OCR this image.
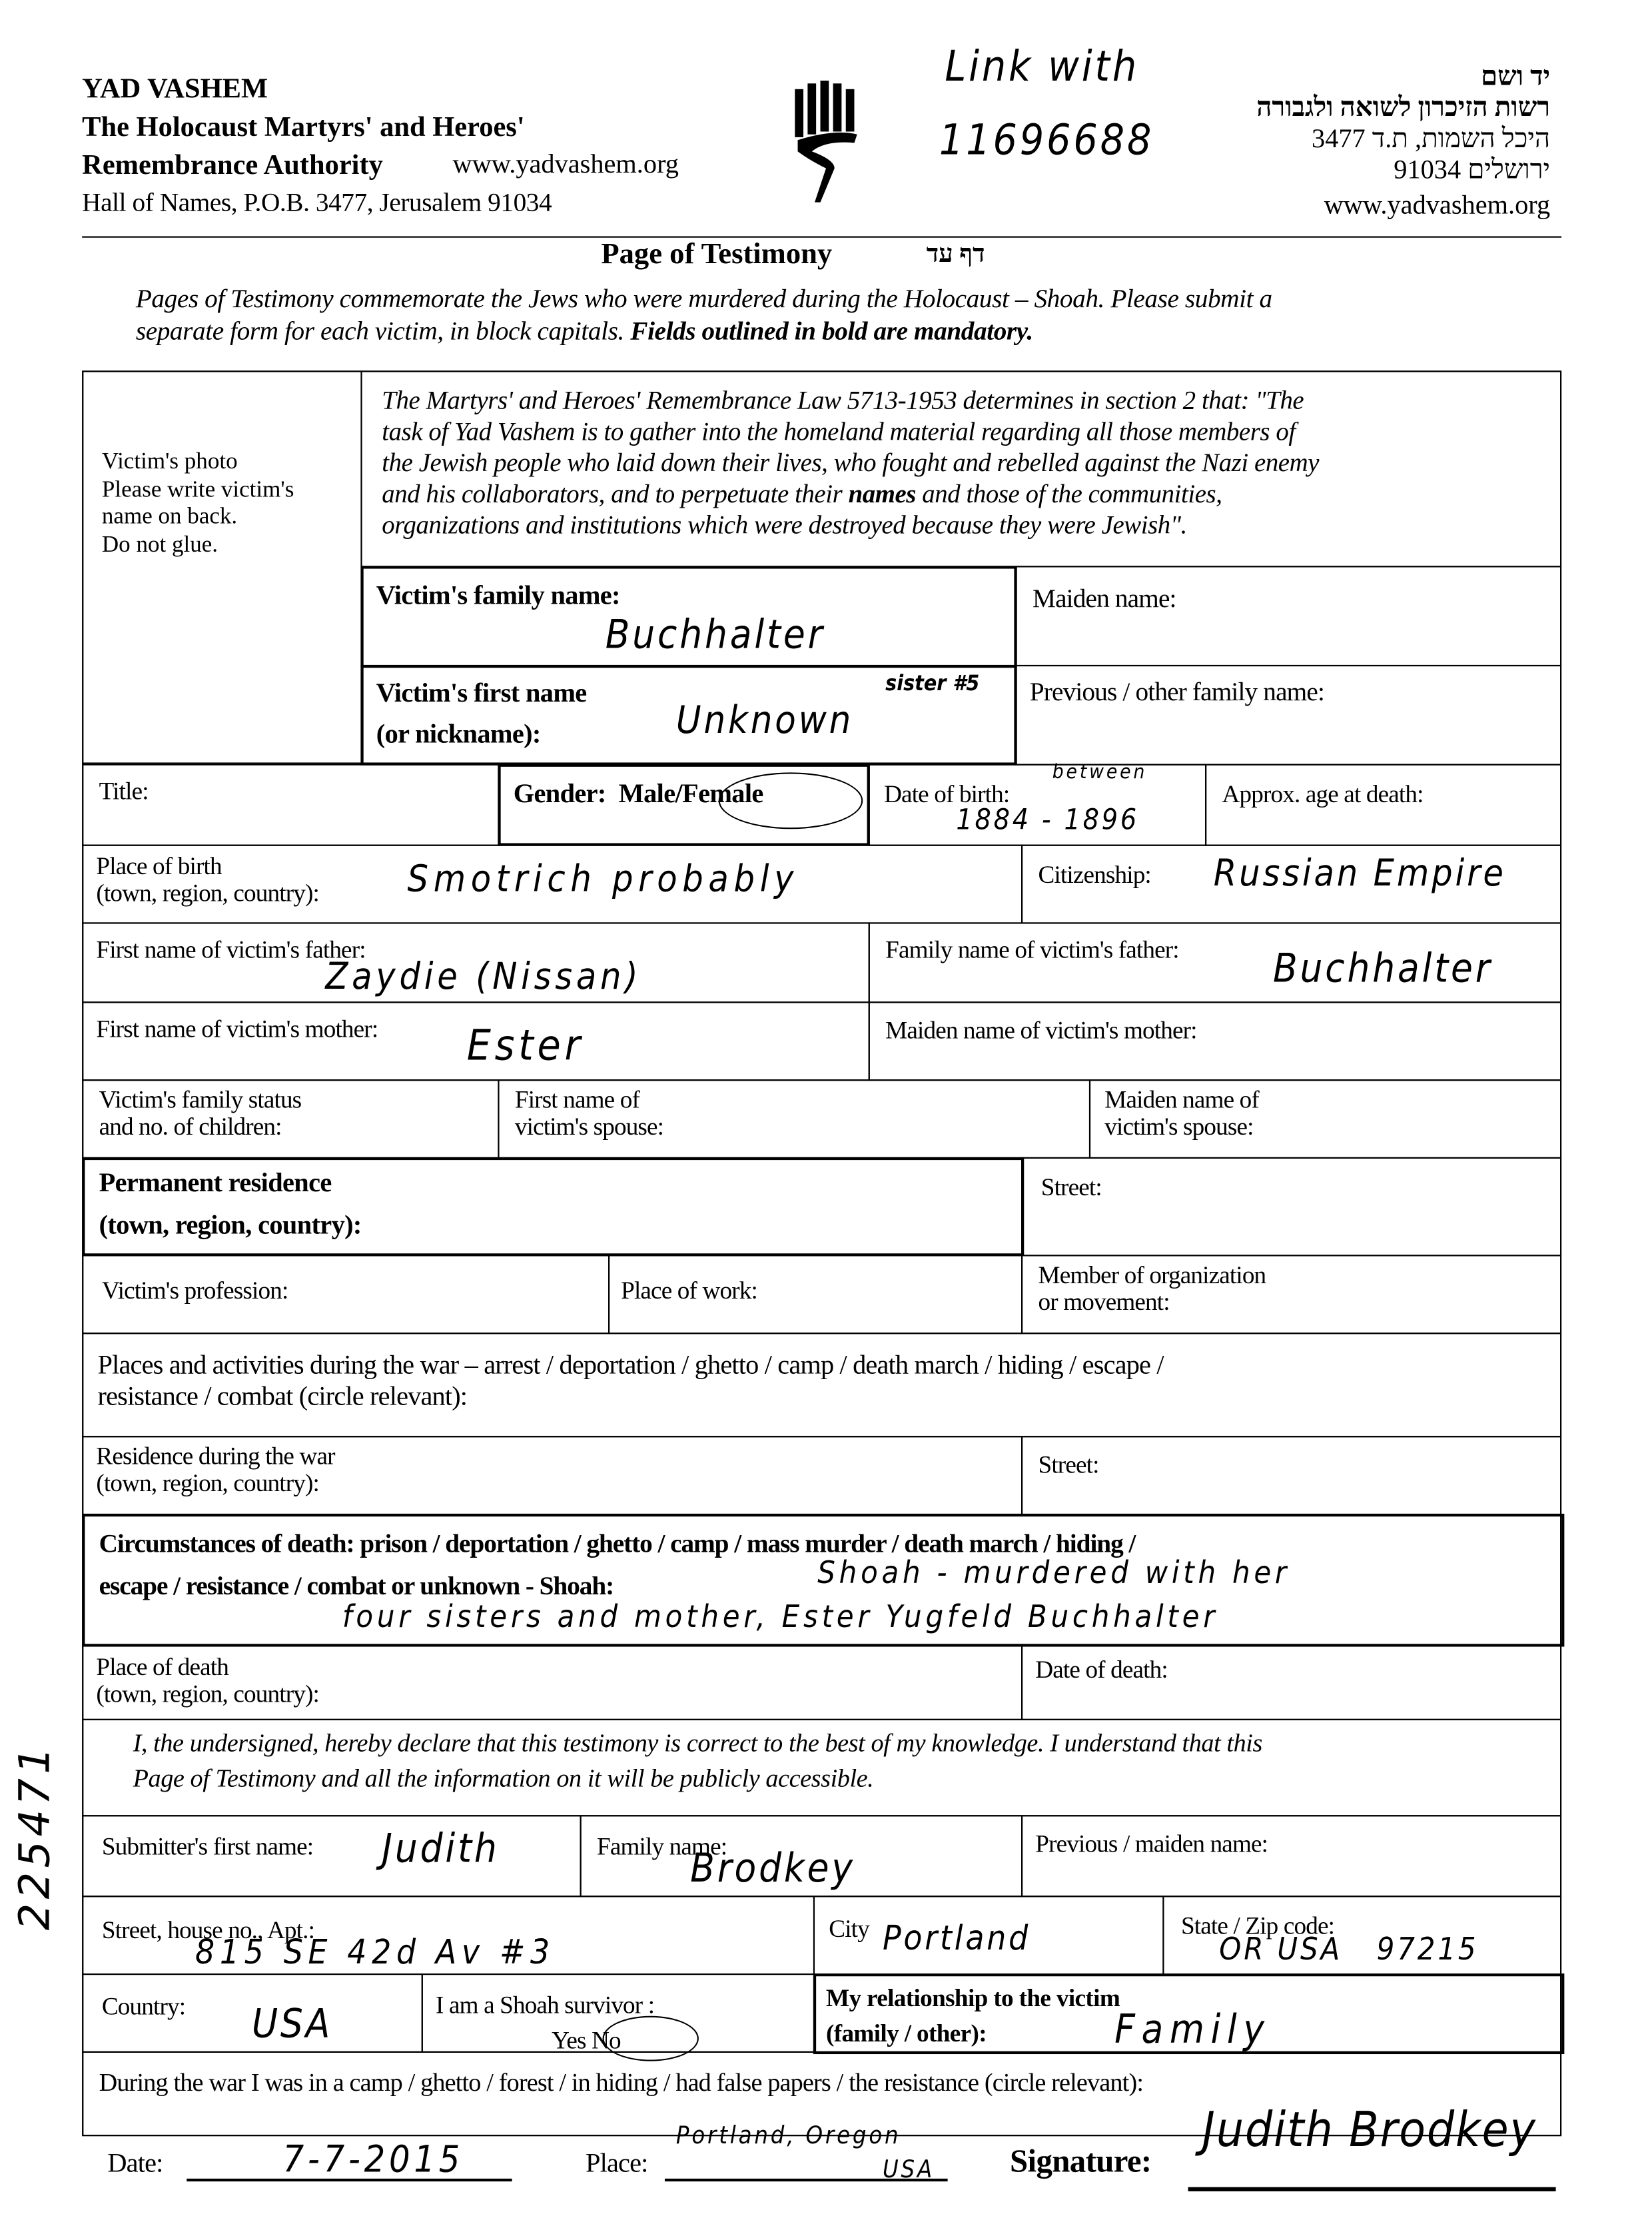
YAD VASHEM
The Holocaust Martyrs' and Heroes'
Remembrance Authority	www.yadvashem.org
Hall of Names, P.O.B. 3477, Jerusalem 91034
Link with
11696688
יד ושם
רשות הזיכרון לשואה ולגבורה
היכל השמות, ת.ד 3477
ירושלים 91034
www.yadvashem.org
Page of Testimony	דף עד
Pages of Testimony commemorate the Jews who were murdered during the Holocaust – Shoah. Please submit a
separate form for each victim, in block capitals. Fields outlined in bold are mandatory.
Victim's photo
Please write victim's
name on back.
Do not glue.
The Martyrs' and Heroes' Remembrance Law 5713-1953 determines in section 2 that: "The
task of Yad Vashem is to gather into the homeland material regarding all those members of
the Jewish people who laid down their lives, who fought and rebelled against the Nazi enemy
and his collaborators, and to perpetuate their names and those of the communities,
organizations and institutions which were destroyed because they were Jewish".
Victim's family name:
Buchhalter
Maiden name:
Victim's first name
(or nickname):	Unknown
sister #5	Previous / other family name:
Title:	Gender: Male/Female	Date of birth:
between
1884 - 1896
Approx. age at death:
Place of birth
(town, region, country):	Smotrich probably	Citizenship:	Russian Empire
First name of victim's father:
Zaydie (Nissan)
Family name of victim's father:	Buchhalter
First name of victim's mother:	Ester	Maiden name of victim's mother:
Victim's family status
and no. of children:
First name of
victim's spouse:
Maiden name of
victim's spouse:
Permanent residence
(town, region, country):
Street:
Victim's profession:	Place of work:
Member of organization
or movement:
Places and activities during the war – arrest / deportation / ghetto / camp / death march / hiding / escape /
resistance / combat (circle relevant):
Residence during the war
(town, region, country):
Street:
Circumstances of death: prison / deportation / ghetto / camp / mass murder / death march / hiding /
escape / resistance / combat or unknown - Shoah:	Shoah - murdered with her
four sisters and mother, Ester Yugfeld Buchhalter
Place of death
(town, region, country):
Date of death:
I, the undersigned, hereby declare that this testimony is correct to the best of my knowledge. I understand that this
Page of Testimony and all the information on it will be publicly accessible.
Submitter's first name:	Judith	Family name:
Brodkey
Previous / maiden name:
Street, house no., Apt.:
815 SE 42d Av #3
City Portland	State / Zip code:
OR USA   97215
Country:	USA	I am a Shoah survivor :
Yes No
My relationship to the victim
(family / other):	Family
During the war I was in a camp / ghetto / forest / in hiding / had false papers / the resistance (circle relevant):
Date:	7-7-2015	Place:
Portland, Oregon
USA	Signature:
Judith Brodkey
225471
